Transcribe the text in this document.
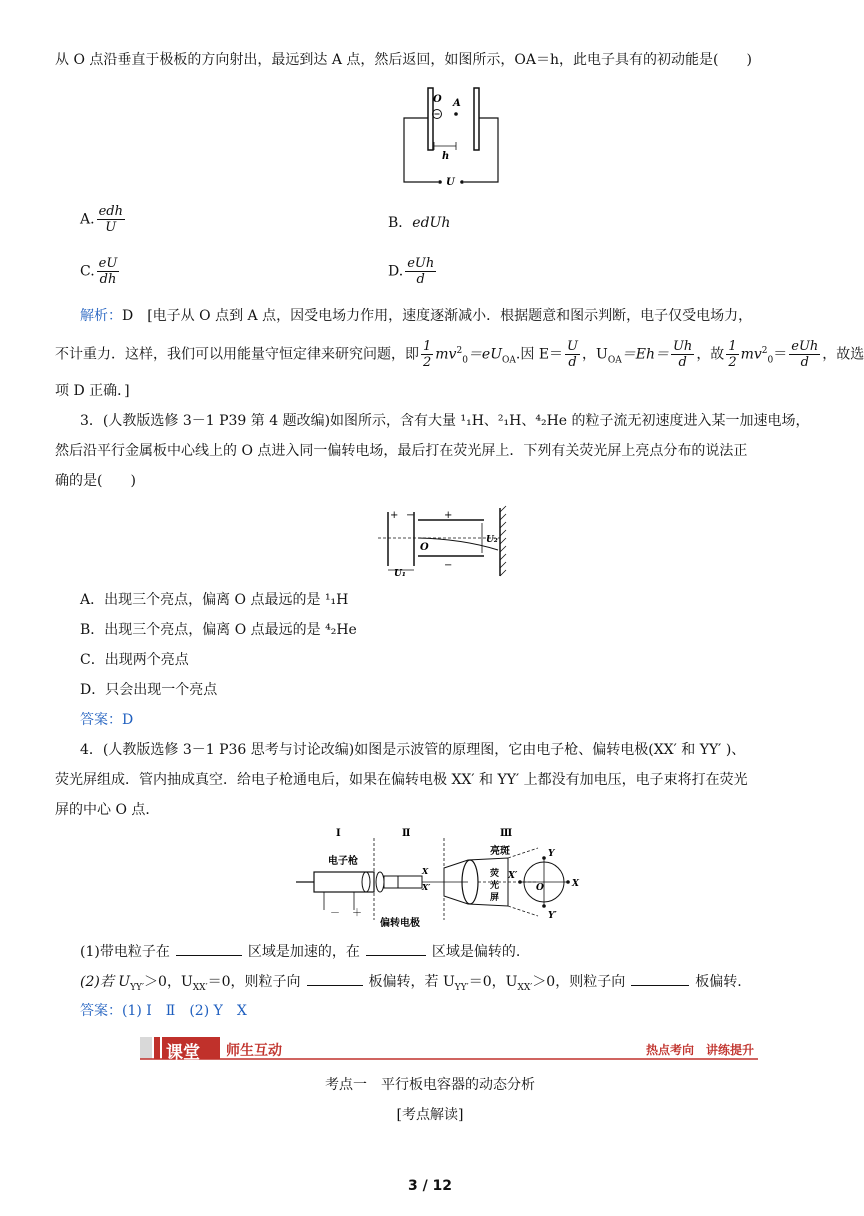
从 O 点沿垂直于极板的方向射出，最远到达 A 点，然后返回，如图所示，OA＝h，此电子具有的初动能是(　　)
O A
h
U
A. $\frac{\text{edh}}{U}$	B．edUh
C. $\frac{eU}{dh}$	D. $\frac{\text{eUh}}{d}$
解析：D　[电子从 O 点到 A 点，因受电场力作用，速度逐渐减小．根据题意和图示判断，电子仅受电场力，
不计重力．这样，我们可以用能量守恒定律来研究问题，即 $\frac{1}{2} mv^2_0=eU_{OA}$.因 $E= \frac{U}{d}$ ，$U_{OA}=Eh= \frac{Uh}{d}$ ，故 $\frac{1}{2} mv^2_0= \frac{\text{eUh}}{d}$ ，故选
项 D 正确．]
3．(人教版选修 3－1 P39 第 4 题改编)如图所示，含有大量 ¹₁H、²₁H、⁴₂He 的粒子流无初速度进入某一加速电场，
然后沿平行金属板中心线上的 O 点进入同一偏转电场，最后打在荧光屏上．下列有关荧光屏上亮点分布的说法正
确的是(　　)
+ −	+
−
O
U₁
U₂
A．出现三个亮点，偏离 O 点最远的是 ¹₁H
B．出现三个亮点，偏离 O 点最远的是 ⁴₂He
C．出现两个亮点
D．只会出现一个亮点
答案：D
4．(人教版选修 3－1 P36 思考与讨论改编)如图是示波管的原理图，它由电子枪、偏转电极(XX′ 和 YY′ )、
荧光屏组成．管内抽成真空．给电子枪通电后，如果在偏转电极 XX′ 和 YY′ 上都没有加电压，电子束将打在荧光
屏的中心 O 点．
Ⅰ	Ⅱ	Ⅲ
电子枪
亮斑
偏转电极
－ ＋
荧
光
屏
Y
Y′
X
X′
O
X
X′
(1)带电粒子在	区域是加速的，在	区域是偏转的.
(2)若 $U_{YY'}>0$，$U_{XX'}=0$，则粒子向	板偏转，若 $U_{YY'}=0$，$U_{XX'}>0$，则粒子向	板偏转.
答案：(1) Ⅰ　Ⅱ　(2) Y　X
课堂 师生互动	热点考向　讲练提升
考点一　平行板电容器的动态分析
[考点解读]
3 / 12
